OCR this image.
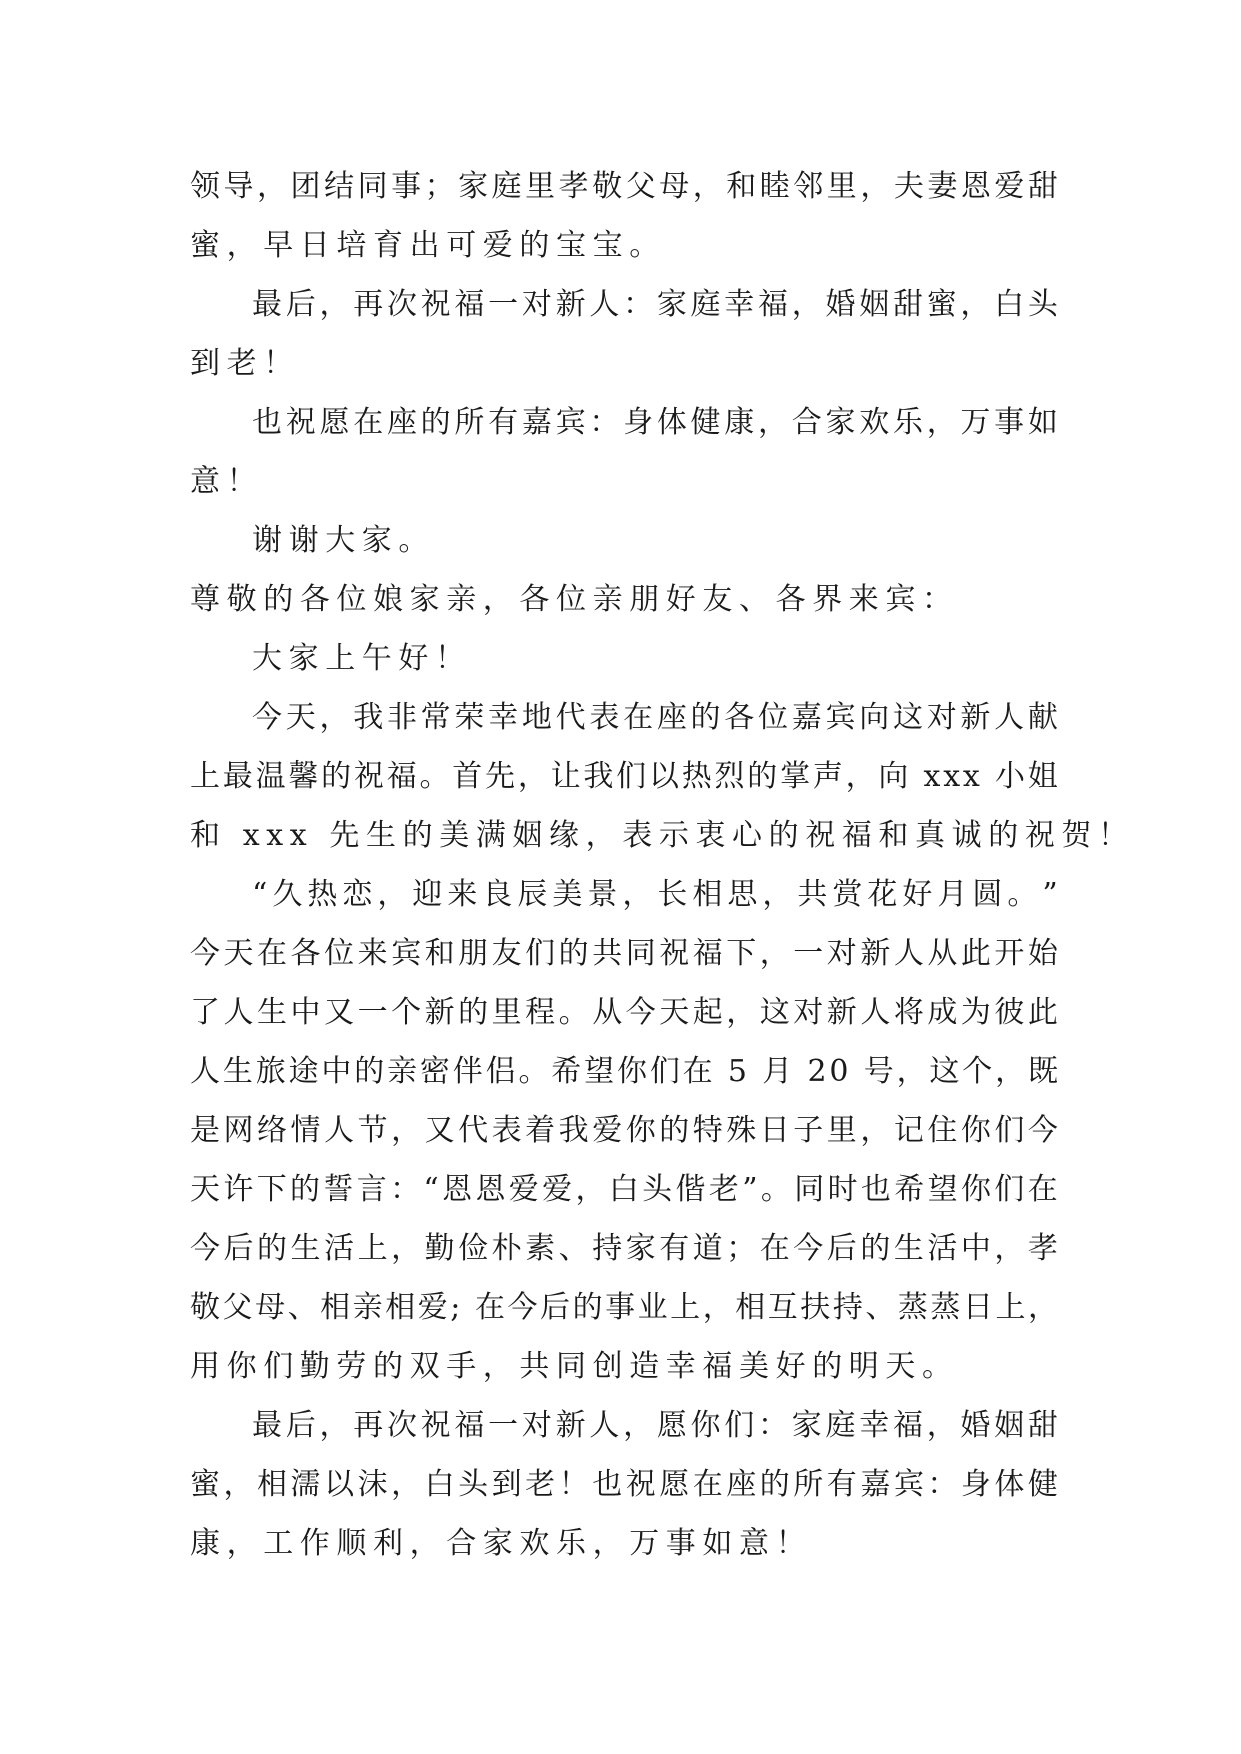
领 导 ， 团 结 同 事 ； 家 庭 里 孝 敬 父 母 ， 和 睦 邻 里 ， 夫 妻 恩 爱 甜
蜜，早日培育出可爱的宝宝。
最 后 ， 再 次 祝 福 一 对 新 人 ： 家 庭 幸 福 ， 婚 姻 甜 蜜 ， 白 头
到老！
也 祝 愿 在 座 的 所 有 嘉 宾 ： 身 体 健 康 ， 合 家 欢 乐 ， 万 事 如
意！
谢谢大家。
尊敬的各位娘家亲，各位亲朋好友、各界来宾：
大家上午好！
今 天 ， 我 非 常 荣 幸 地 代 表 在 座 的 各 位 嘉 宾 向 这 对 新 人 献
上 最 温 馨 的 祝 福 。 首 先 ， 让 我 们 以 热 烈 的 掌 声 ， 向
x x x
小 姐
和 xxx 先生的美满姻缘，表示衷心的祝福和真诚的祝贺！
“ 久 热 恋 ， 迎 来 良 辰 美 景 ， 长 相 思 ， 共 赏 花 好 月 圆 。 ”
今 天 在 各 位 来 宾 和 朋 友 们 的 共 同 祝 福 下 ， 一 对 新 人 从 此 开 始
了 人 生 中 又 一 个 新 的 里 程 。 从 今 天 起 ， 这 对 新 人 将 成 为 彼 此
人 生 旅 途 中 的 亲 密 伴 侣 。 希 望 你 们 在
5
月
2 0
号 ， 这 个 ， 既
是 网 络 情 人 节 ， 又 代 表 着 我 爱 你 的 特 殊 日 子 里 ， 记 住 你 们 今
天 许 下 的 誓 言 ： “ 恩 恩 爱 爱 ， 白 头 偕 老 ” 。 同 时 也 希 望 你 们 在
今 后 的 生 活 上 ， 勤 俭 朴 素 、 持 家 有 道 ； 在 今 后 的 生 活 中 ， 孝
敬 父 母 、 相 亲 相 爱 ;
在 今 后 的 事 业 上 ， 相 互 扶 持 、 蒸 蒸 日 上 ，
用你们勤劳的双手，共同创造幸福美好的明天。
最 后 ， 再 次 祝 福 一 对 新 人 ， 愿 你 们 ： 家 庭 幸 福 ， 婚 姻 甜
蜜 ， 相 濡 以 沫 ， 白 头 到 老 ！ 也 祝 愿 在 座 的 所 有 嘉 宾 ： 身 体 健
康，工作顺利，合家欢乐，万事如意！
